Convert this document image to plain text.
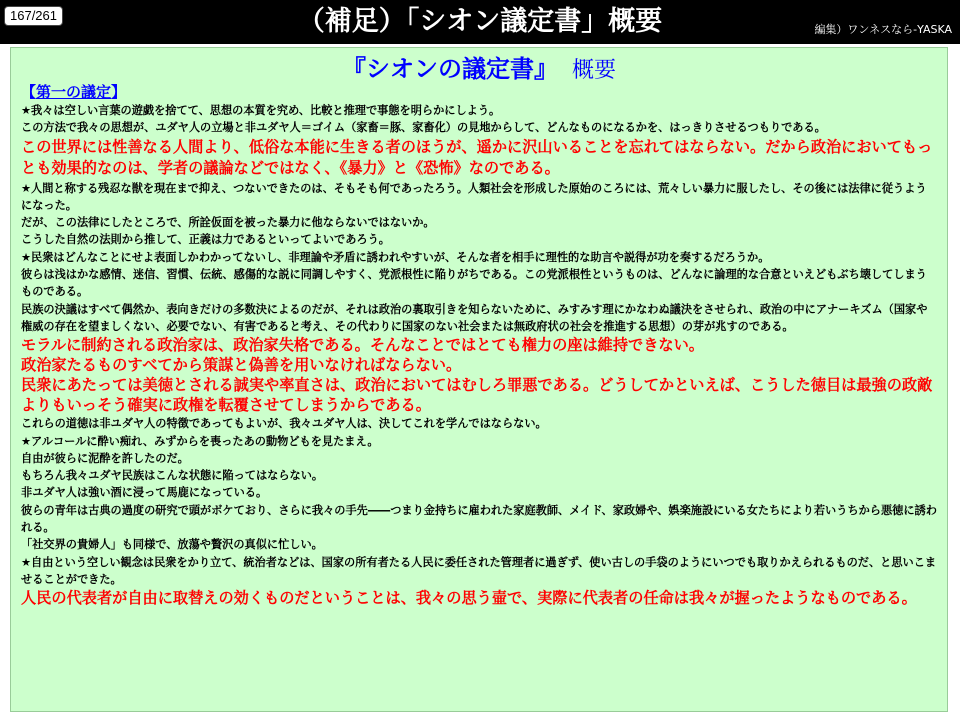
167/261	（補足）「シオン議定書」概要	編集）ワンネスなら-YASKA
『シオンの議定書』 概要
【第一の議定】

★我々は空しい言葉の遊戯を捨てて、思想の本質を究め、比較と推理で事態を明らかにしよう。

この方法で我々の思想が、ユダヤ人の立場と非ユダヤ人＝ゴイム（家畜＝豚、家畜化）の見地からして、どんなものになるかを、はっきりさせるつもりである。

この世界には性善なる人間より、低俗な本能に生きる者のほうが、遥かに沢山いることを忘れてはならない。だから政治においてもっとも効果的なのは、学者の議論などではなく、《暴力》と《恐怖》なのである。

★人間と称する残忍な獣を現在まで抑え、つないできたのは、そもそも何であったろう。人類社会を形成した原始のころには、荒々しい暴力に服したし、その後には法律に従うようになった。

だが、この法律にしたところで、所詮仮面を被った暴力に他ならないではないか。

こうした自然の法則から推して、正義は力であるといってよいであろう。

★民衆はどんなことにせよ表面しかわかってないし、非理論や矛盾に誘われやすいが、そんな者を相手に理性的な助言や説得が功を奏するだろうか。

彼らは浅はかな感情、迷信、習慣、伝統、感傷的な説に同調しやすく、党派根性に陥りがちである。この党派根性というものは、どんなに論理的な合意といえどもぶち壊してしまうものである。

民族の決議はすべて偶然か、表向きだけの多数決によるのだが、それは政治の裏取引きを知らないために、みすみす理にかなわぬ議決をさせられ、政治の中にアナーキズム（国家や権威の存在を望ましくない、必要でない、有害であると考え、その代わりに国家のない社会または無政府状の社会を推進する思想）の芽が兆すのである。

モラルに制約される政治家は、政治家失格である。そんなことではとても権力の座は維持できない。

政治家たるものすべてから策謀と偽善を用いなければならない。

民衆にあたっては美徳とされる誠実や率直さは、政治においてはむしろ罪悪である。どうしてかといえば、こうした徳目は最強の政敵よりもいっそう確実に政権を転覆させてしまうからである。

これらの道徳は非ユダヤ人の特徴であってもよいが、我々ユダヤ人は、決してこれを学んではならない。

★アルコールに酔い痴れ、みずからを喪ったあの動物どもを見たまえ。

自由が彼らに泥酔を許したのだ。

もちろん我々ユダヤ民族はこんな状態に陥ってはならない。

非ユダヤ人は強い酒に浸って馬鹿になっている。

彼らの青年は古典の過度の研究で頭がボケており、さらに我々の手先――つまり金持ちに雇われた家庭教師、メイド、家政婦や、娯楽施設にいる女たちにより若いうちから悪徳に誘われる。

「社交界の貴婦人」も同様で、放蕩や贅沢の真似に忙しい。

★自由という空しい観念は民衆をかり立て、統治者などは、国家の所有者たる人民に委任された管理者に過ぎず、使い古しの手袋のようにいつでも取りかえられるものだ、と思いこませることができた。

人民の代表者が自由に取替えの効くものだということは、我々の思う壷で、実際に代表者の任命は我々が握ったようなものである。
